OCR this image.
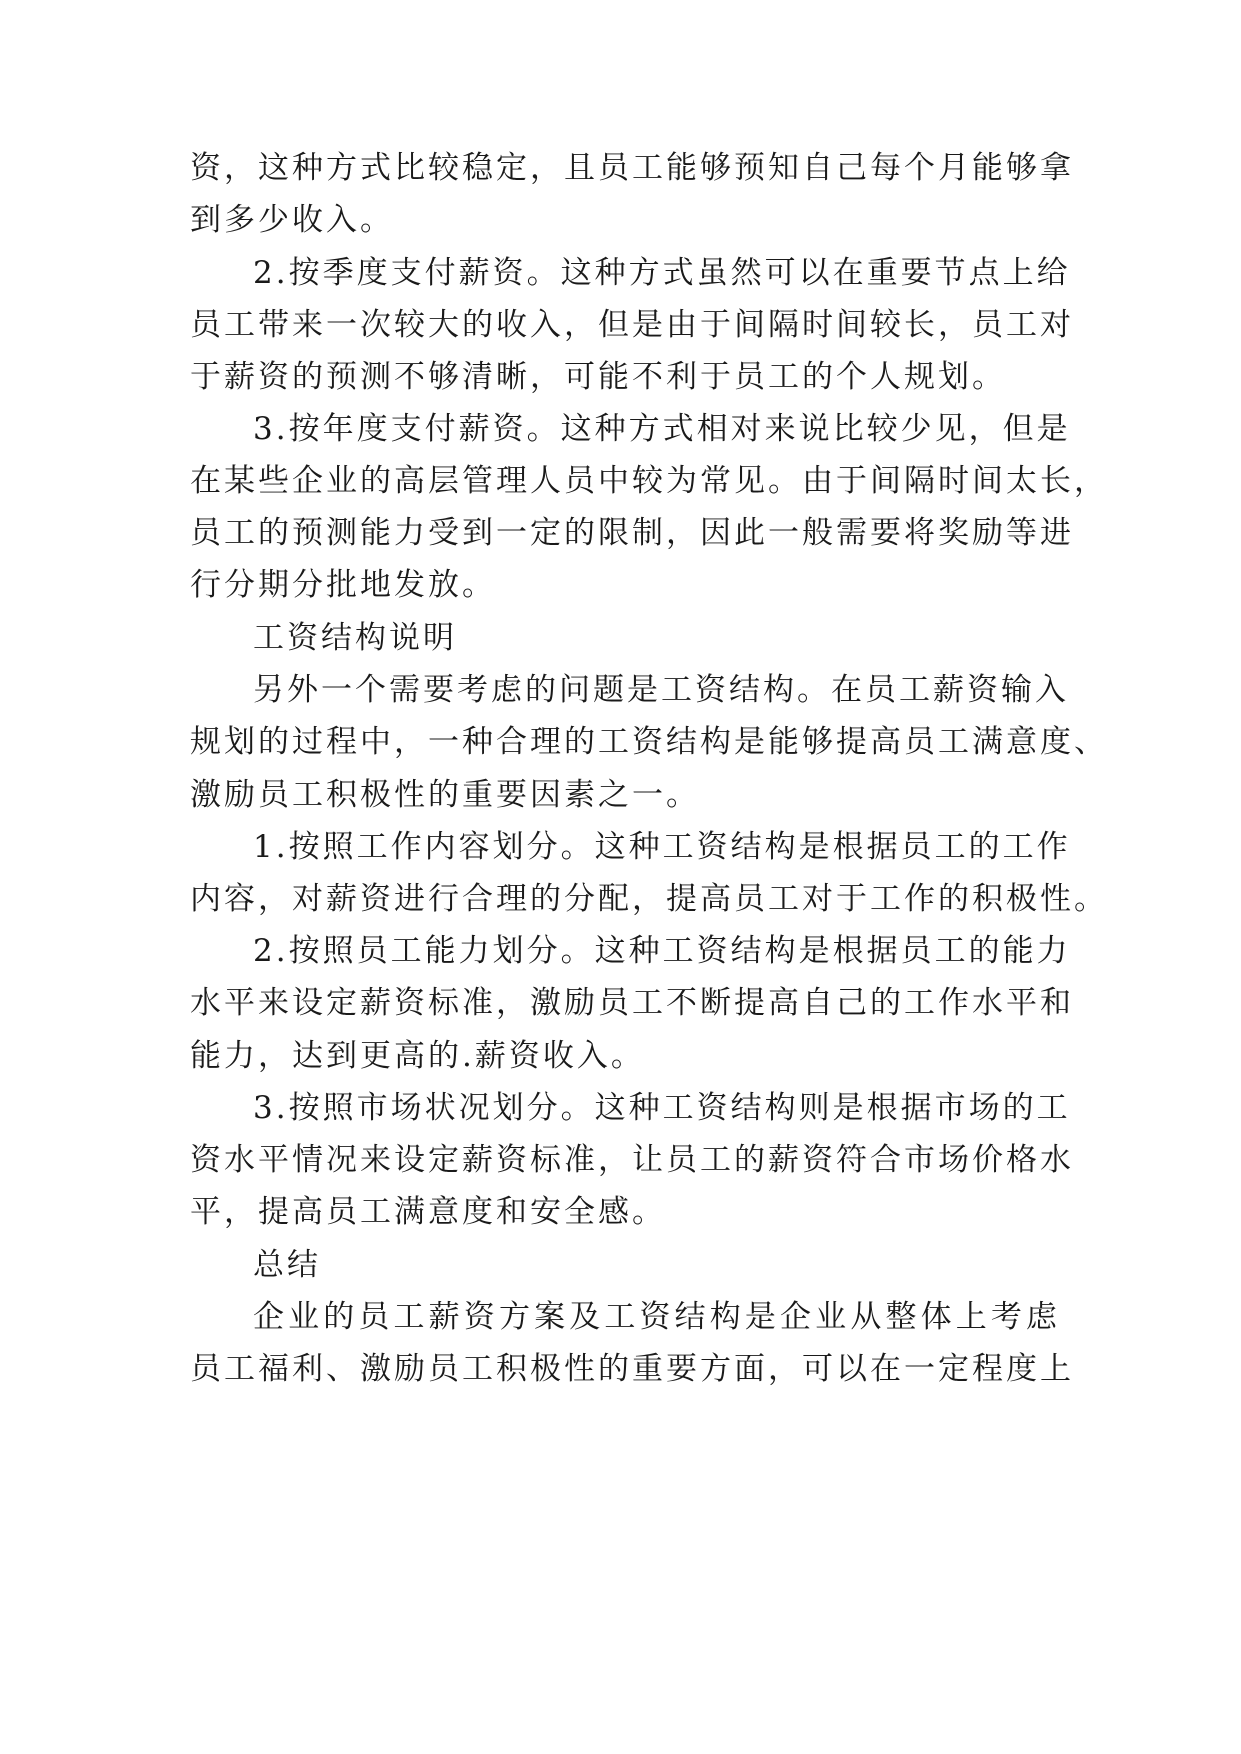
资，这种方式比较稳定，且员工能够预知自己每个月能够拿
到多少收入。
2.按季度支付薪资。这种方式虽然可以在重要节点上给
员工带来一次较大的收入，但是由于间隔时间较长，员工对
于薪资的预测不够清晰，可能不利于员工的个人规划。
3.按年度支付薪资。这种方式相对来说比较少见，但是
在某些企业的高层管理人员中较为常见。由于间隔时间太长，
员工的预测能力受到一定的限制，因此一般需要将奖励等进
行分期分批地发放。
工资结构说明
另外一个需要考虑的问题是工资结构。在员工薪资输入
规划的过程中，一种合理的工资结构是能够提高员工满意度、
激励员工积极性的重要因素之一。
1.按照工作内容划分。这种工资结构是根据员工的工作
内容，对薪资进行合理的分配，提高员工对于工作的积极性。
2.按照员工能力划分。这种工资结构是根据员工的能力
水平来设定薪资标准，激励员工不断提高自己的工作水平和
能力，达到更高的.薪资收入。
3.按照市场状况划分。这种工资结构则是根据市场的工
资水平情况来设定薪资标准，让员工的薪资符合市场价格水
平，提高员工满意度和安全感。
总结
企业的员工薪资方案及工资结构是企业从整体上考虑
员工福利、激励员工积极性的重要方面，可以在一定程度上
